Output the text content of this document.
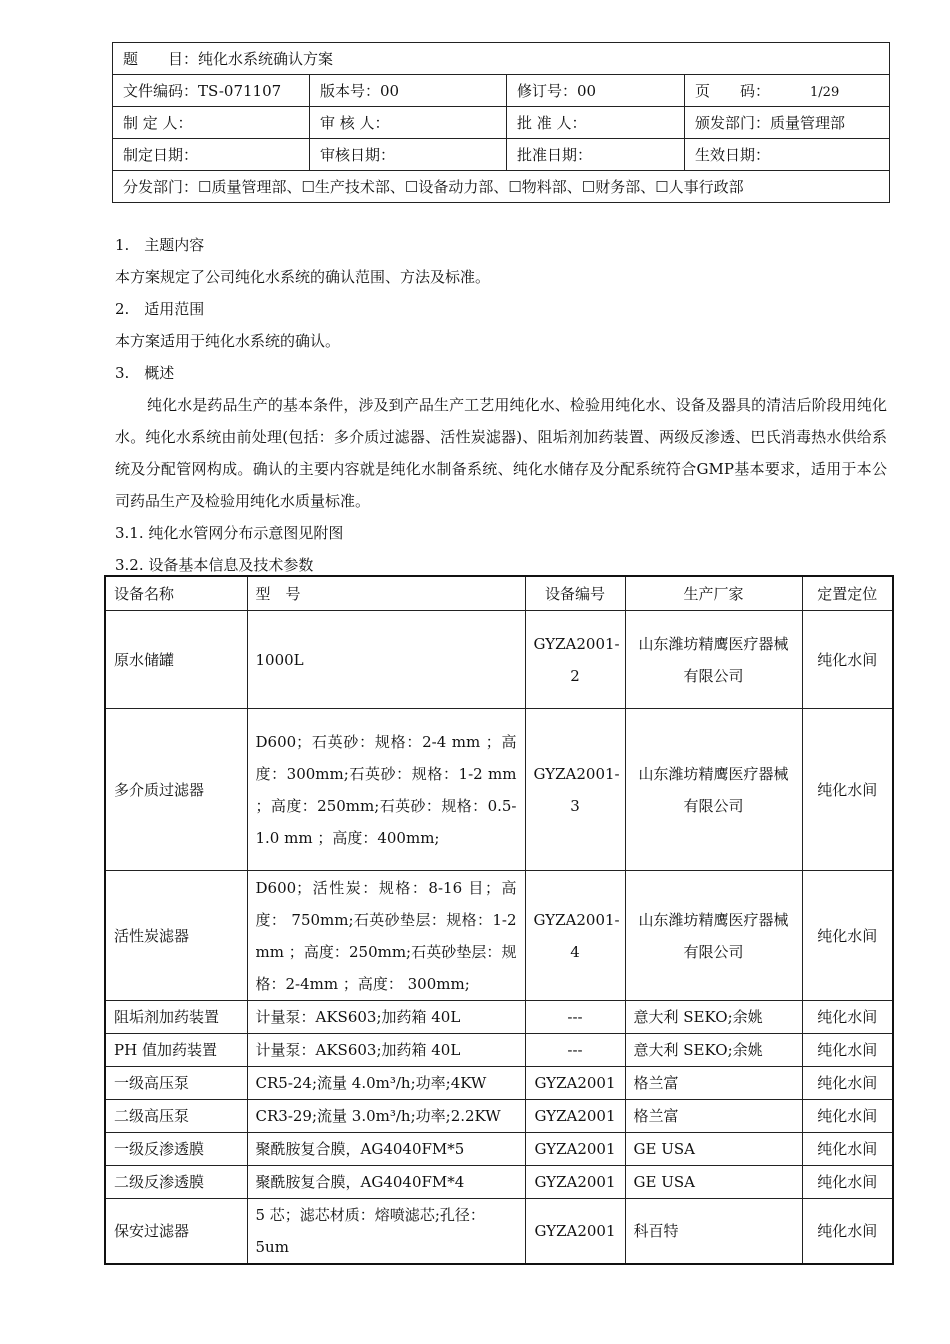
题　　目：纯化水系统确认方案			
文件编码：TS-071107	版本号：00	修订号：00	页　　码： 1/29
制 定 人：	审 核 人：	批 准 人：	颁发部门：质量管理部
制定日期：	审核日期：	批准日期：	生效日期：
分发部门：☐质量管理部、☐生产技术部、☐设备动力部、☐物料部、☐财务部、☐人事行政部			
1.　主题内容
本方案规定了公司纯化水系统的确认范围、方法及标准。
2.　适用范围
本方案适用于纯化水系统的确认。
3.　概述
纯化水是药品生产的基本条件，涉及到产品生产工艺用纯化水、检验用纯化水、设备及器具的清洁后阶段用纯化水。纯化水系统由前处理(包括：多介质过滤器、活性炭滤器)、阻垢剂加药装置、两级反渗透、巴氏消毒热水供给系统及分配管网构成。确认的主要内容就是纯化水制备系统、纯化水储存及分配系统符合GMP基本要求，适用于本公司药品生产及检验用纯化水质量标准。
3.1. 纯化水管网分布示意图见附图
3.2. 设备基本信息及技术参数
设备名称	型　号	设备编号	生产厂家	定置定位
原水储罐	1000L	GYZA2001-2	山东潍坊精鹰医疗器械有限公司	纯化水间
多介质过滤器	D600；石英砂：规格：2-4 mm ；高度：300mm;石英砂：规格：1-2 mm ；高度：250mm;石英砂：规格：0.5-1.0 mm ；高度：400mm;	GYZA2001-3	山东潍坊精鹰医疗器械有限公司	纯化水间
活性炭滤器	D600；活性炭：规格：8-16 目；高度： 750mm;石英砂垫层：规格：1-2mm ；高度：250mm;石英砂垫层：规格：2-4mm ；高度： 300mm;	GYZA2001-4	山东潍坊精鹰医疗器械有限公司	纯化水间
阻垢剂加药装置	计量泵：AKS603;加药箱 40L	---	意大利 SEKO;余姚	纯化水间
PH 值加药装置	计量泵：AKS603;加药箱 40L	---	意大利 SEKO;余姚	纯化水间
一级高压泵	CR5-24;流量 4.0m³/h;功率;4KW	GYZA2001	格兰富	纯化水间
二级高压泵	CR3-29;流量 3.0m³/h;功率;2.2KW	GYZA2001	格兰富	纯化水间
一级反渗透膜	聚酰胺复合膜，AG4040FM*5	GYZA2001	GE USA	纯化水间
二级反渗透膜	聚酰胺复合膜，AG4040FM*4	GYZA2001	GE USA	纯化水间
保安过滤器	5 芯；滤芯材质：熔喷滤芯;孔径：5um	GYZA2001	科百特	纯化水间
